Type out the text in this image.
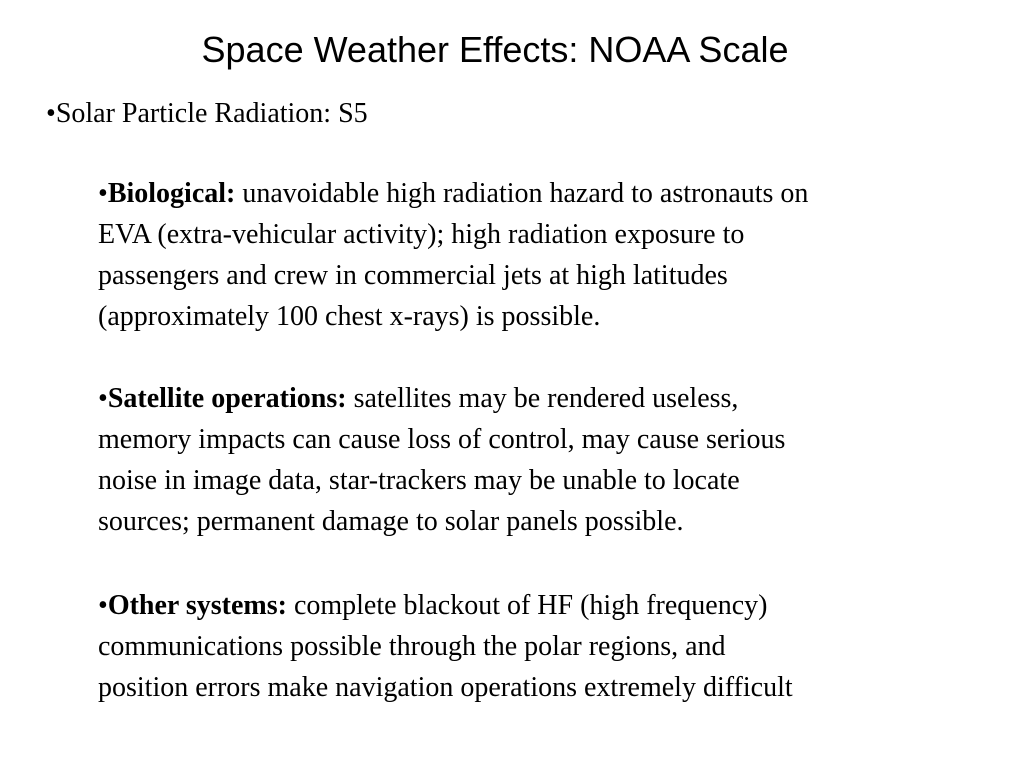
Space Weather Effects: NOAA Scale
•Solar Particle Radiation: S5
•Biological: unavoidable high radiation hazard to astronauts on
EVA (extra-vehicular activity); high radiation exposure to
passengers and crew in commercial jets at high latitudes
(approximately 100 chest x-rays) is possible.
•Satellite operations: satellites may be rendered useless,
memory impacts can cause loss of control, may cause serious
noise in image data, star-trackers may be unable to locate
sources; permanent damage to solar panels possible.
•Other systems: complete blackout of HF (high frequency)
communications possible through the polar regions, and
position errors make navigation operations extremely difficult
